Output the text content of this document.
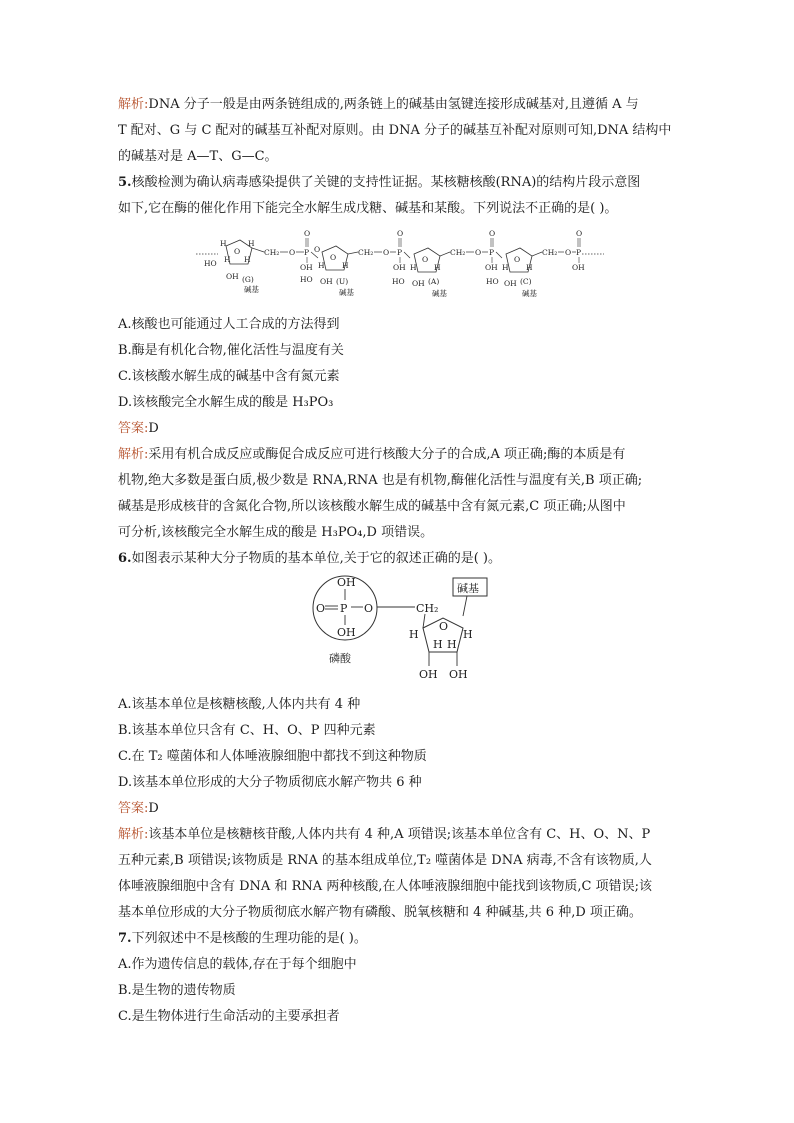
解析:DNA 分子一般是由两条链组成的,两条链上的碱基由氢键连接形成碱基对,且遵循 A 与
T 配对、G 与 C 配对的碱基互补配对原则。由 DNA 分子的碱基互补配对原则可知,DNA 结构中
的碱基对是 A—T、G—C。
5.核酸检测为确认病毒感染提供了关键的支持性证据。某核糖核酸(RNA)的结构片段示意图
如下,它在酶的催化作用下能完全水解生成戊糖、碱基和某酸。下列说法不正确的是( )。
O
H	H
H H
HO
OH (G)
碱基
CH₂ O P
O
OH
O
O
H H
HO OH (U)
碱基
CH₂ O P
O
OH
O
H H
HO OH (A)
碱基
CH₂ O P
O
OH
O
H H
HO OH (C)
碱基
CH₂ O P
O
OH
A.核酸也可能通过人工合成的方法得到
B.酶是有机化合物,催化活性与温度有关
C.该核酸水解生成的碱基中含有氮元素
D.该核酸完全水解生成的酸是 H₃PO₃
答案:D
解析:采用有机合成反应或酶促合成反应可进行核酸大分子的合成,A 项正确;酶的本质是有
机物,绝大多数是蛋白质,极少数是 RNA,RNA 也是有机物,酶催化活性与温度有关,B 项正确;
碱基是形成核苷的含氮化合物,所以该核酸水解生成的碱基中含有氮元素,C 项正确;从图中
可分析,该核酸完全水解生成的酸是 H₃PO₄,D 项错误。
6.如图表示某种大分子物质的基本单位,关于它的叙述正确的是( )。
OH
O P O
OH
磷酸
CH₂
碱基
O
H	H
H H
OH OH
A.该基本单位是核糖核酸,人体内共有 4 种
B.该基本单位只含有 C、H、O、P 四种元素
C.在 T₂ 噬菌体和人体唾液腺细胞中都找不到这种物质
D.该基本单位形成的大分子物质彻底水解产物共 6 种
答案:D
解析:该基本单位是核糖核苷酸,人体内共有 4 种,A 项错误;该基本单位含有 C、H、O、N、P
五种元素,B 项错误;该物质是 RNA 的基本组成单位,T₂ 噬菌体是 DNA 病毒,不含有该物质,人
体唾液腺细胞中含有 DNA 和 RNA 两种核酸,在人体唾液腺细胞中能找到该物质,C 项错误;该
基本单位形成的大分子物质彻底水解产物有磷酸、脱氧核糖和 4 种碱基,共 6 种,D 项正确。
7.下列叙述中不是核酸的生理功能的是( )。
A.作为遗传信息的载体,存在于每个细胞中
B.是生物的遗传物质
C.是生物体进行生命活动的主要承担者
